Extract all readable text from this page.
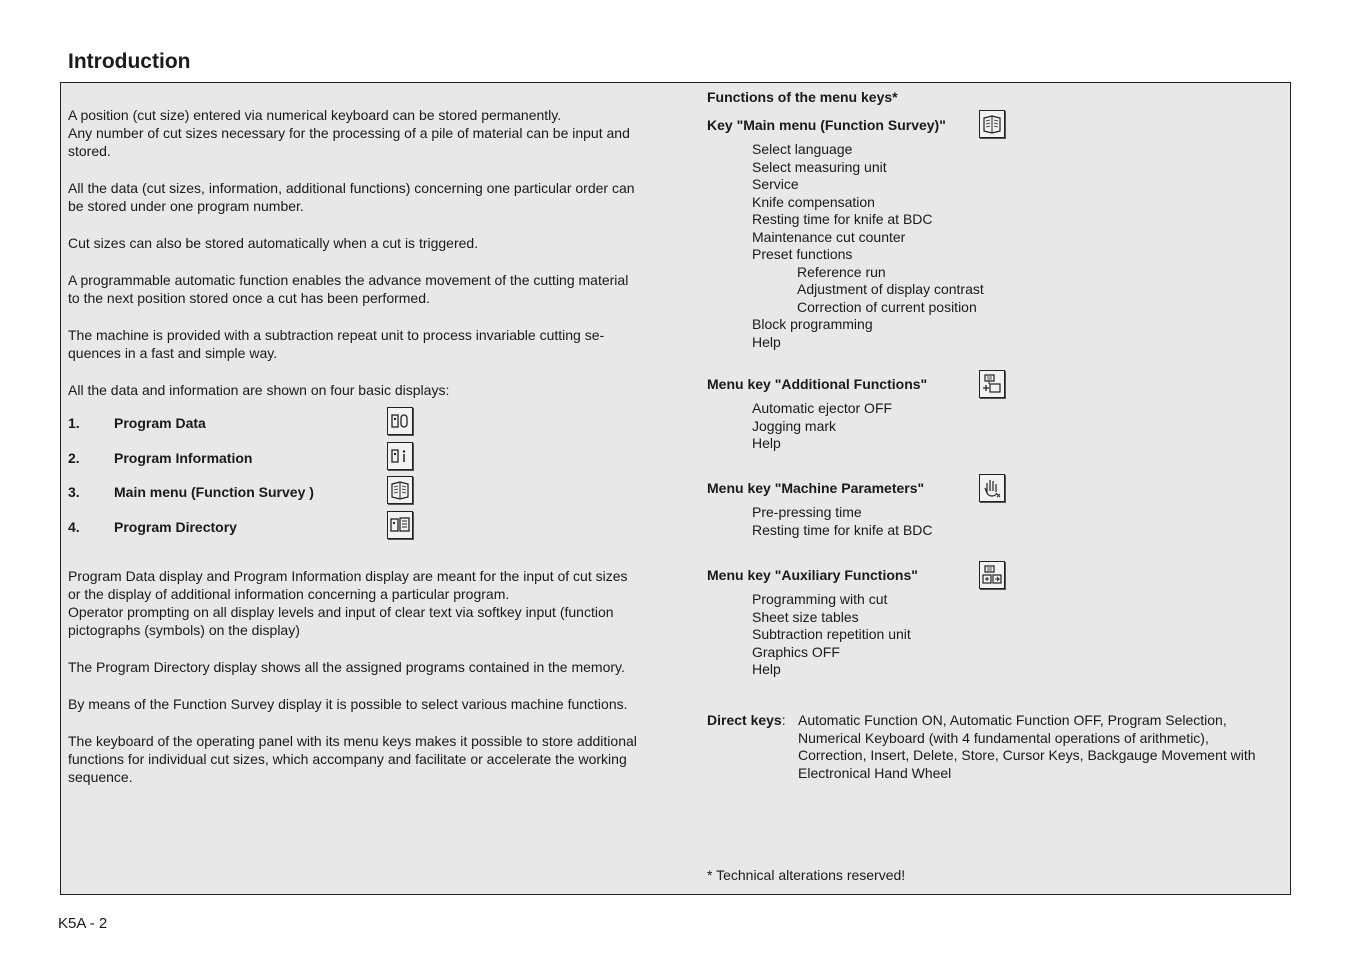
Introduction

A position (cut size) entered via numerical keyboard can be stored permanently.
Any number of cut sizes necessary for the processing of a pile of material can be input and stored.

All the data (cut sizes, information, additional functions) concerning one particular order can be stored under one program number.

Cut sizes can also be stored automatically when a cut is triggered.

A programmable automatic function enables the advance movement of the cutting material to the next position stored once a cut has been performed.

The machine is provided with a subtraction repeat unit to process invariable cutting se-quences in a fast and simple way.

All the data and information are shown on four basic displays:

1. Program Data
2. Program Information
3. Main menu (Function Survey )
4. Program Directory

Program Data display and Program Information display are meant for the input of cut sizes or the display of additional information concerning a particular program.
Operator prompting on all display levels and input of clear text via softkey input (function pictographs (symbols) on the display)

The Program Directory display shows all the assigned programs contained in the memory.

By means of the Function Survey display it is possible to select various machine functions.

The keyboard of the operating panel with its menu keys makes it possible to store additional functions for individual cut sizes, which accompany and facilitate or accelerate the working sequence.

Functions of the menu keys*
Key "Main menu (Function Survey)"
Select language
Select measuring unit
Service
Knife compensation
Resting time for knife at BDC
Maintenance cut counter
Preset functions
Reference run
Adjustment of display contrast
Correction of current position
Block programming
Help
Menu key "Additional Functions"
Automatic ejector OFF
Jogging mark
Help
Menu key "Machine Parameters"
Pre-pressing time
Resting time for knife at BDC
Menu key "Auxiliary Functions"
Programming with cut
Sheet size tables
Subtraction repetition unit
Graphics OFF
Help
Direct keys: Automatic Function ON, Automatic Function OFF, Program Selection, Numerical Keyboard (with 4 fundamental operations of arithmetic), Correction, Insert, Delete, Store, Cursor Keys, Backgauge Movement with Electronical Hand Wheel
* Technical alterations reserved!
K5A - 2
